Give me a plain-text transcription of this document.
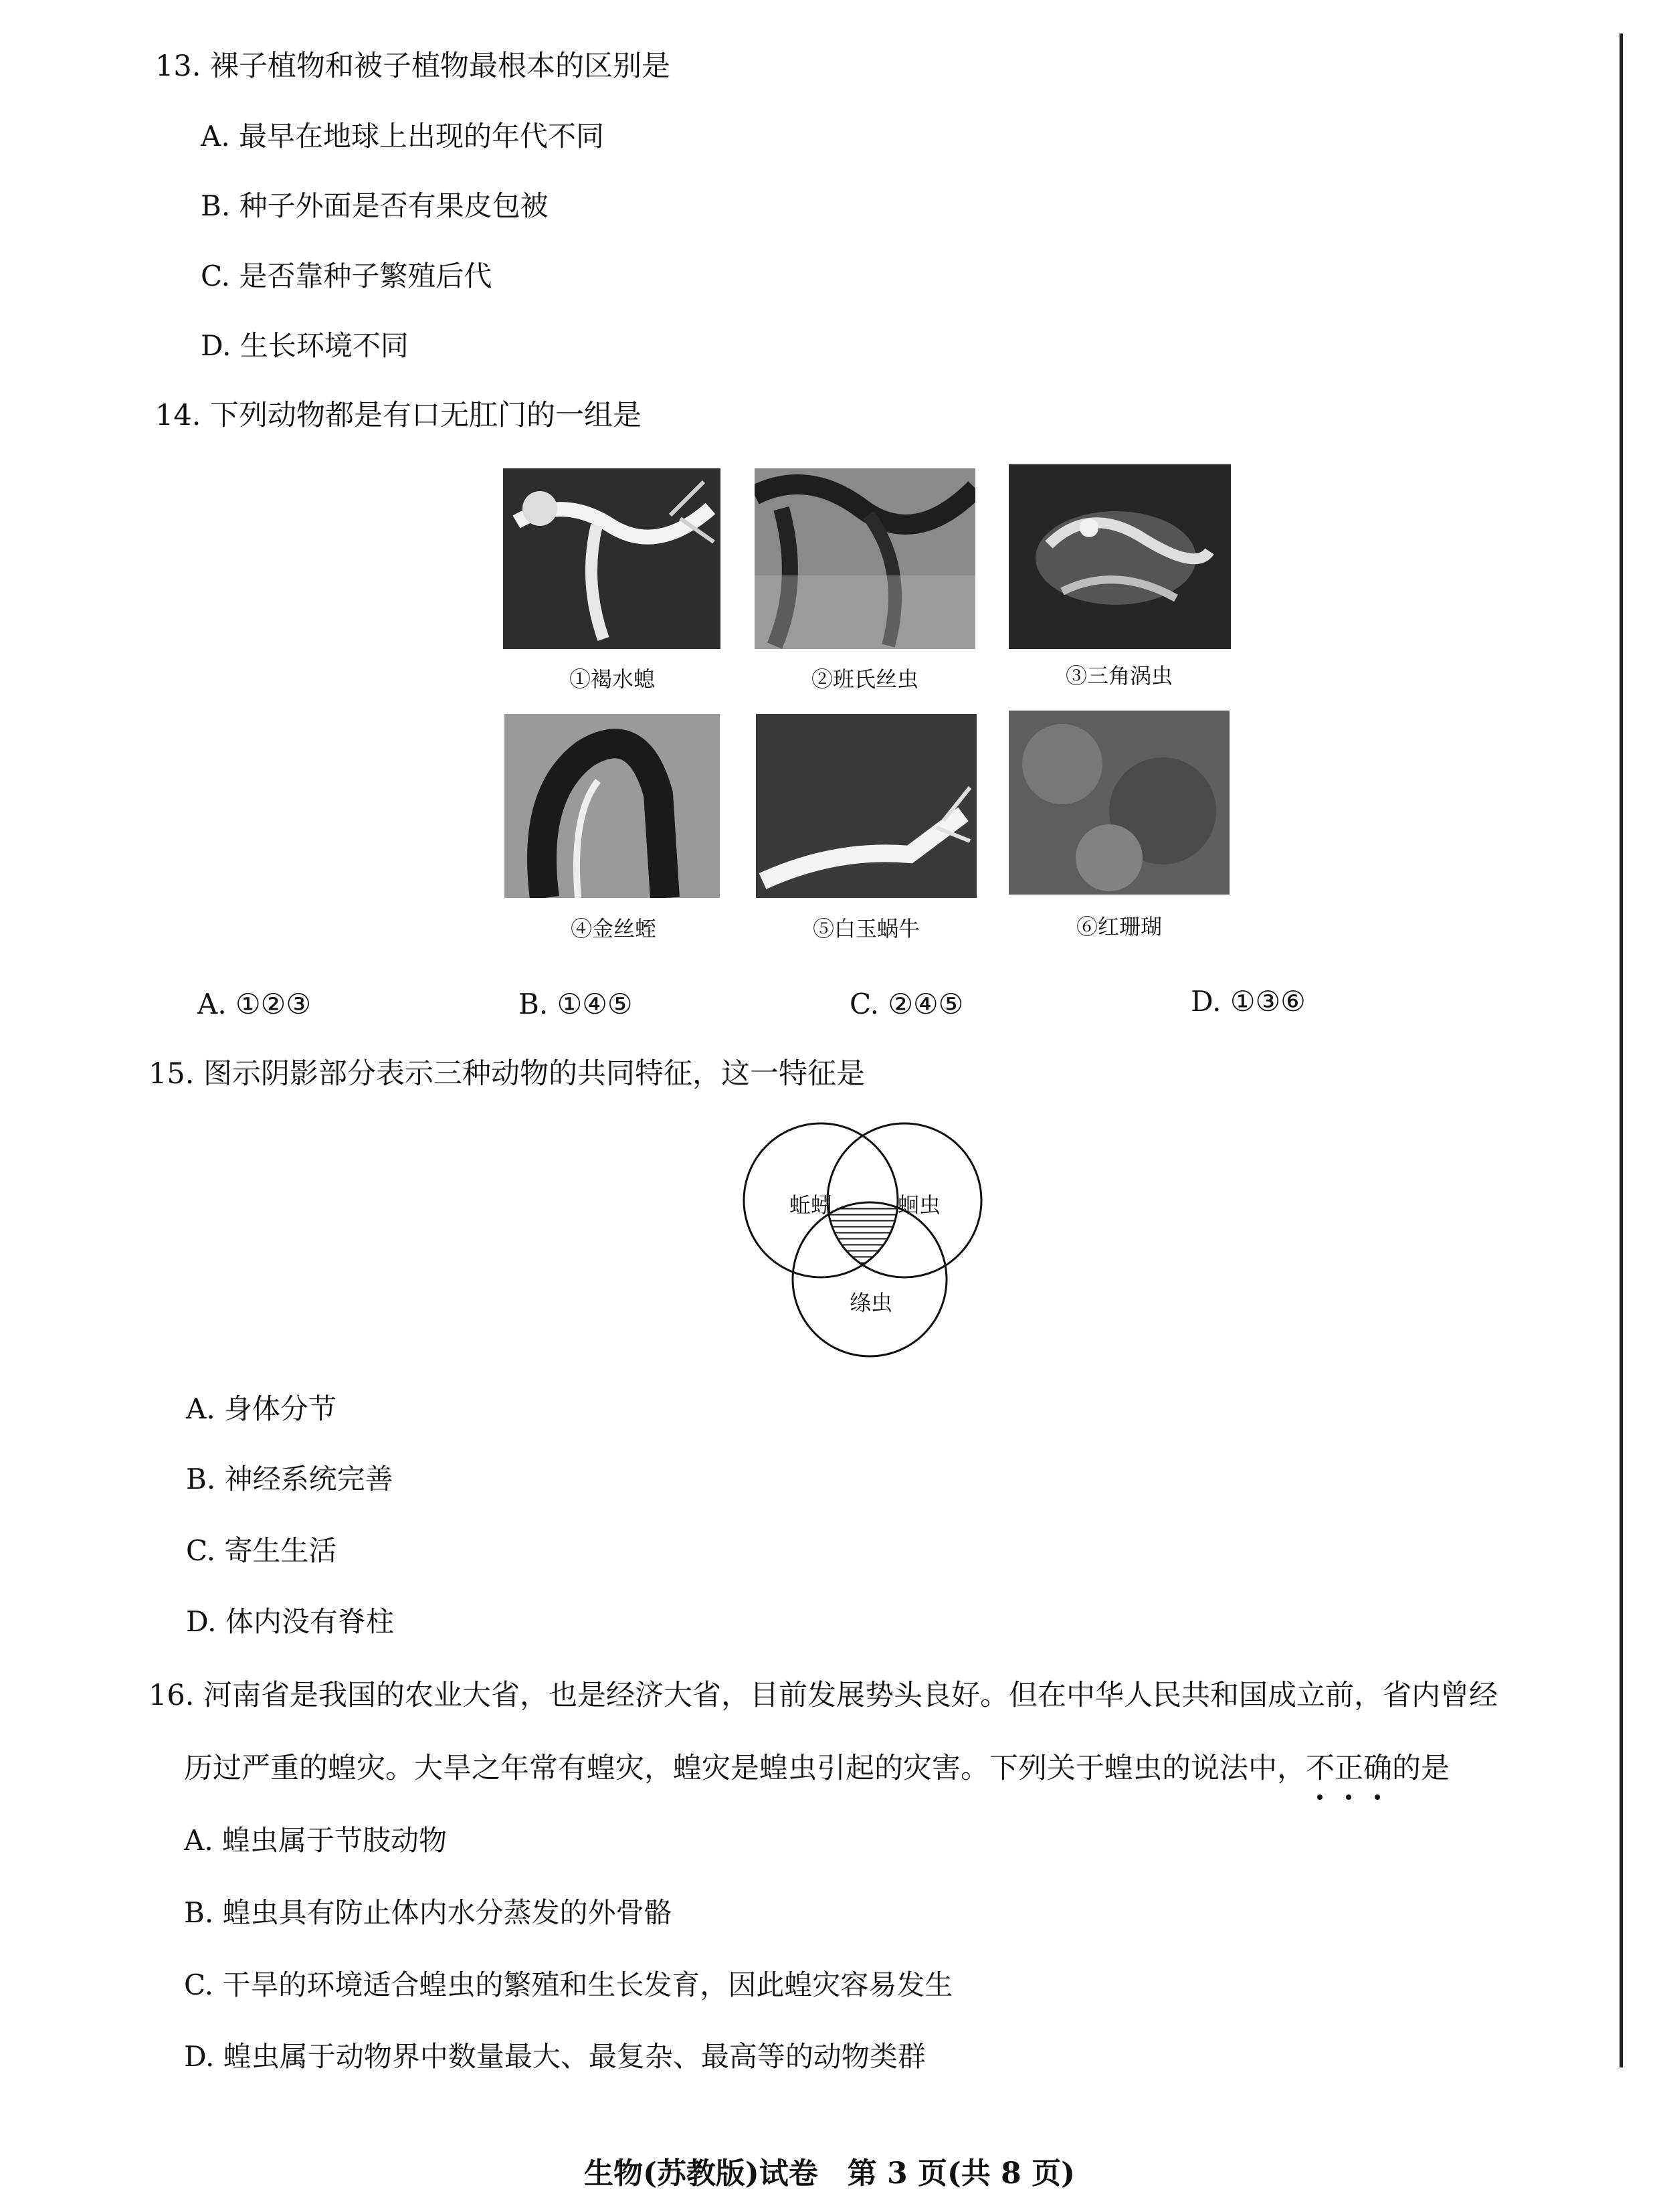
13. 裸子植物和被子植物最根本的区别是
A. 最早在地球上出现的年代不同
B. 种子外面是否有果皮包被
C. 是否靠种子繁殖后代
D. 生长环境不同
14. 下列动物都是有口无肛门的一组是
①褐水螅	②班氏丝虫	③三角涡虫
④金丝蛭	⑤白玉蜗牛	⑥红珊瑚
A. ①②③	B. ①④⑤	C. ②④⑤	D. ①③⑥
15. 图示阴影部分表示三种动物的共同特征，这一特征是
蚯蚓	蛔虫
绦虫
A. 身体分节
B. 神经系统完善
C. 寄生生活
D. 体内没有脊柱
16. 河南省是我国的农业大省，也是经济大省，目前发展势头良好。但在中华人民共和国成立前，省内曾经
历过严重的蝗灾。大旱之年常有蝗灾，蝗灾是蝗虫引起的灾害。下列关于蝗虫的说法中，不正确
的是
A. 蝗虫属于节肢动物
B. 蝗虫具有防止体内水分蒸发的外骨骼
C. 干旱的环境适合蝗虫的繁殖和生长发育，因此蝗灾容易发生
D. 蝗虫属于动物界中数量最大、最复杂、最高等的动物类群
生物(苏教版)试卷　第 3 页(共 8 页)
